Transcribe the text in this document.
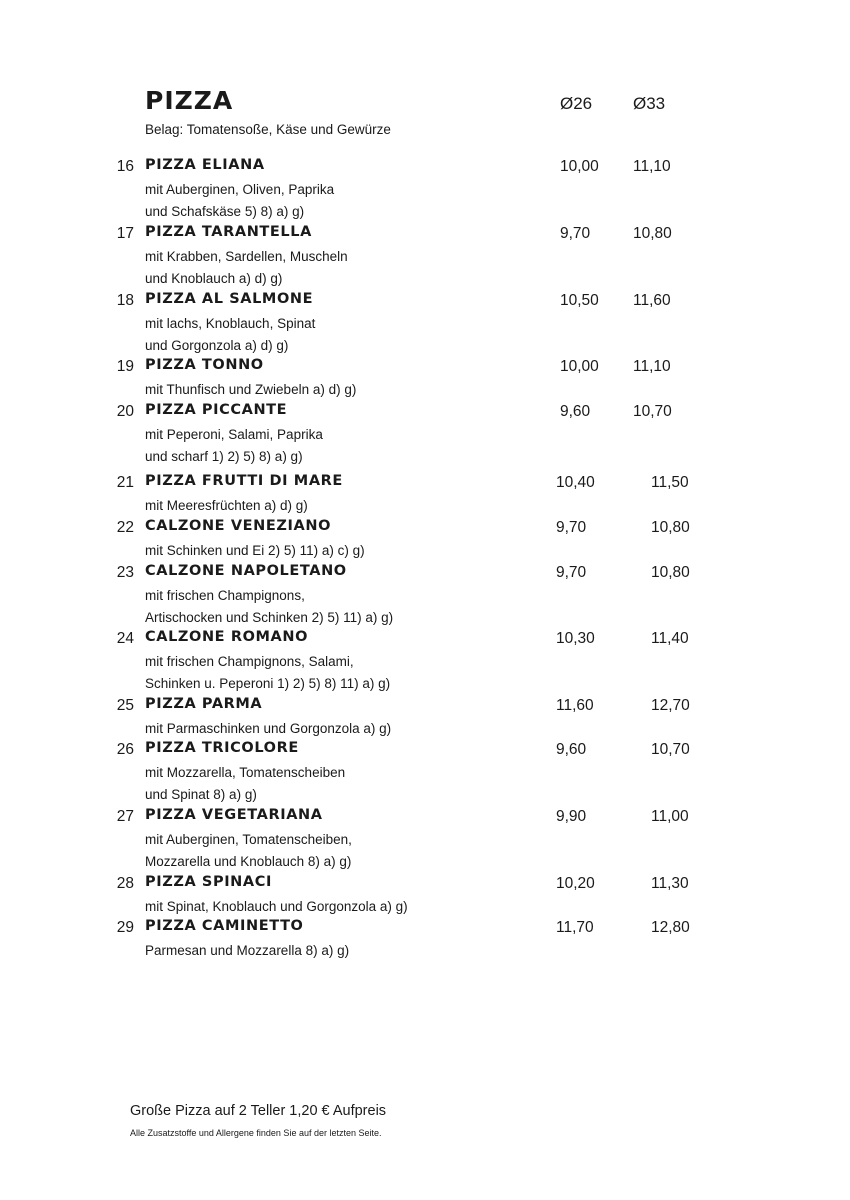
PIZZA	Ø26 Ø33
Belag: Tomatensoße, Käse und Gewürze
16 PIZZA ELIANA	10,00 11,10
mit Auberginen, Oliven, Paprika
und Schafskäse 5) 8) a) g)
17 PIZZA TARANTELLA	9,70	10,80
mit Krabben, Sardellen, Muscheln
und Knoblauch a) d) g)
18 PIZZA AL SALMONE	10,50 11,60
mit lachs, Knoblauch, Spinat
und Gorgonzola a) d) g)
19 PIZZA TONNO	10,00 11,10
mit Thunfisch und Zwiebeln a) d) g)
20 PIZZA PICCANTE	9,60	10,70
mit Peperoni, Salami, Paprika
und scharf 1) 2) 5) 8) a) g)
21 PIZZA FRUTTI DI MARE	10,40	11,50
mit Meeresfrüchten a) d) g)
22 CALZONE VENEZIANO	9,70	10,80
mit Schinken und Ei 2) 5) 11) a) c) g)
23 CALZONE NAPOLETANO	9,70	10,80
mit frischen Champignons,
Artischocken und Schinken 2) 5) 11) a) g)
24 CALZONE ROMANO	10,30	11,40
mit frischen Champignons, Salami,
Schinken u. Peperoni 1) 2) 5) 8) 11) a) g)
25 PIZZA PARMA	11,60	12,70
mit Parmaschinken und Gorgonzola a) g)
26 PIZZA TRICOLORE	9,60	10,70
mit Mozzarella, Tomatenscheiben
und Spinat 8) a) g)
27 PIZZA VEGETARIANA	9,90	11,00
mit Auberginen, Tomatenscheiben,
Mozzarella und Knoblauch 8) a) g)
28 PIZZA SPINACI	10,20	11,30
mit Spinat, Knoblauch und Gorgonzola a) g)
29 PIZZA CAMINETTO	11,70	12,80
Parmesan und Mozzarella 8) a) g)
Große Pizza auf 2 Teller 1,20 € Aufpreis
Alle Zusatzstoffe und Allergene finden Sie auf der letzten Seite.
